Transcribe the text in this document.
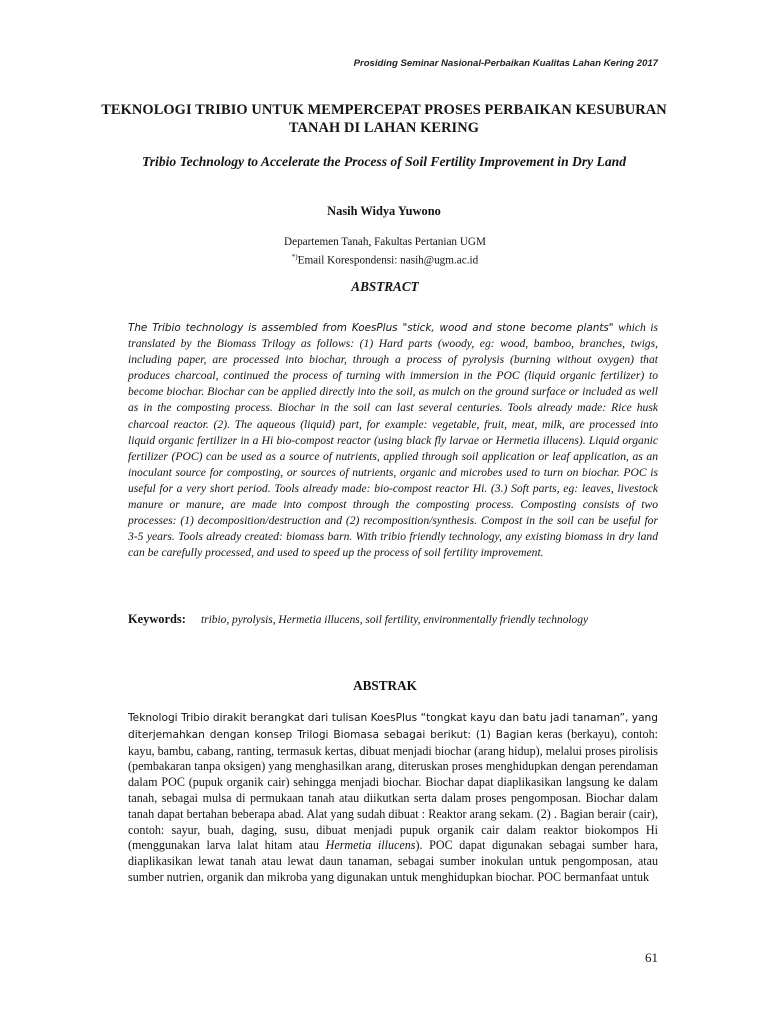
Prosiding Seminar Nasional-Perbaikan Kualitas Lahan Kering 2017
TEKNOLOGI TRIBIO UNTUK MEMPERCEPAT PROSES PERBAIKAN KESUBURAN TANAH DI LAHAN KERING
Tribio Technology to Accelerate the Process of Soil Fertility Improvement in Dry Land
Nasih Widya Yuwono
Departemen Tanah, Fakultas Pertanian UGM
*)Email Korespondensi: nasih@ugm.ac.id
ABSTRACT
The Tribio technology is assembled from KoesPlus "stick, wood and stone become plants" which is translated by the Biomass Trilogy as follows: (1) Hard parts (woody, eg: wood, bamboo, branches, twigs, including paper, are processed into biochar, through a process of pyrolysis (burning without oxygen) that produces charcoal, continued the process of turning with immersion in the POC (liquid organic fertilizer) to become biochar. Biochar can be applied directly into the soil, as mulch on the ground surface or included as well as in the composting process. Biochar in the soil can last several centuries. Tools already made: Rice husk charcoal reactor. (2). The aqueous (liquid) part, for example: vegetable, fruit, meat, milk, are processed into liquid organic fertilizer in a Hi bio-compost reactor (using black fly larvae or Hermetia illucens). Liquid organic fertilizer (POC) can be used as a source of nutrients, applied through soil application or leaf application, as an inoculant source for composting, or sources of nutrients, organic and microbes used to turn on biochar. POC is useful for a very short period. Tools already made: bio-compost reactor Hi. (3.) Soft parts, eg: leaves, livestock manure or manure, are made into compost through the composting process. Composting consists of two processes: (1) decomposition/destruction and (2) recomposition/synthesis. Compost in the soil can be useful for 3-5 years. Tools already created: biomass barn. With tribio friendly technology, any existing biomass in dry land can be carefully processed, and used to speed up the process of soil fertility improvement.
Keywords: tribio, pyrolysis, Hermetia illucens, soil fertility, environmentally friendly technology
ABSTRAK
Teknologi Tribio dirakit berangkat dari tulisan KoesPlus “tongkat kayu dan batu jadi tanaman”, yang diterjemahkan dengan konsep Trilogi Biomasa sebagai berikut: (1) Bagian keras (berkayu), contoh: kayu, bambu, cabang, ranting, termasuk kertas, dibuat menjadi biochar (arang hidup), melalui proses pirolisis (pembakaran tanpa oksigen) yang menghasilkan arang, diteruskan proses menghidupkan dengan perendaman dalam POC (pupuk organik cair) sehingga menjadi biochar. Biochar dapat diaplikasikan langsung ke dalam tanah, sebagai mulsa di permukaan tanah atau diikutkan serta dalam proses pengomposan. Biochar dalam tanah dapat bertahan beberapa abad. Alat yang sudah dibuat : Reaktor arang sekam. (2) . Bagian berair (cair), contoh: sayur, buah, daging, susu, dibuat menjadi pupuk organik cair dalam reaktor biokompos Hi (menggunakan larva lalat hitam atau Hermetia illucens). POC dapat digunakan sebagai sumber hara, diaplikasikan lewat tanah atau lewat daun tanaman, sebagai sumber inokulan untuk pengomposan, atau sumber nutrien, organik dan mikroba yang digunakan untuk menghidupkan biochar. POC bermanfaat untuk
61
